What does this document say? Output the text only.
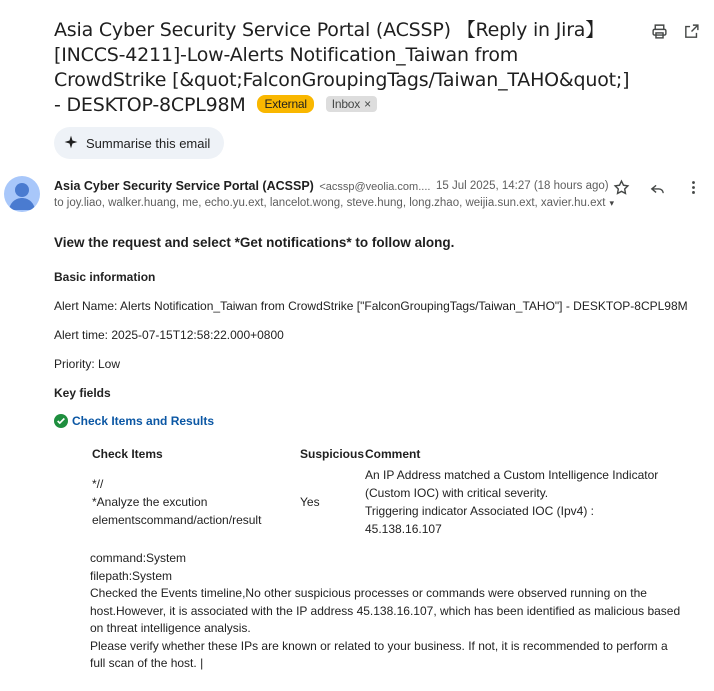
Asia Cyber Security Service Portal (ACSSP) 【Reply in Jira】 [INCCS-4211]-Low-Alerts Notification_Taiwan from CrowdStrike [&quot;FalconGroupingTags/Taiwan_TAHO&quot;] - DESKTOP-8CPL98M External Inbox ×
Summarise this email
Asia Cyber Security Service Portal (ACSSP) <acssp@veolia.com.... 15 Jul 2025, 14:27 (18 hours ago)
to joy.liao, walker.huang, me, echo.yu.ext, lancelot.wong, steve.hung, long.zhao, weijia.sun.ext, xavier.hu.ext ▾
View the request and select *Get notifications* to follow along.
Basic information
Alert Name: Alerts Notification_Taiwan from CrowdStrike ["FalconGroupingTags/Taiwan_TAHO"] - DESKTOP-8CPL98M
Alert time: 2025-07-15T12:58:22.000+0800
Priority: Low
Key fields
Check Items and Results
Check Items	Suspicious Comment
*//
*Analyze the excution
elementscommand/action/result
Yes
An IP Address matched a Custom Intelligence Indicator
(Custom IOC) with critical severity.
Triggering indicator Associated IOC (Ipv4) :
45.138.16.107
command:System
filepath:System
Checked the Events timeline,No other suspicious processes or commands were observed running on the
host.However, it is associated with the IP address 45.138.16.107, which has been identified as malicious based
on threat intelligence analysis.
Please verify whether these IPs are known or related to your business. If not, it is recommended to perform a
full scan of the host. |
